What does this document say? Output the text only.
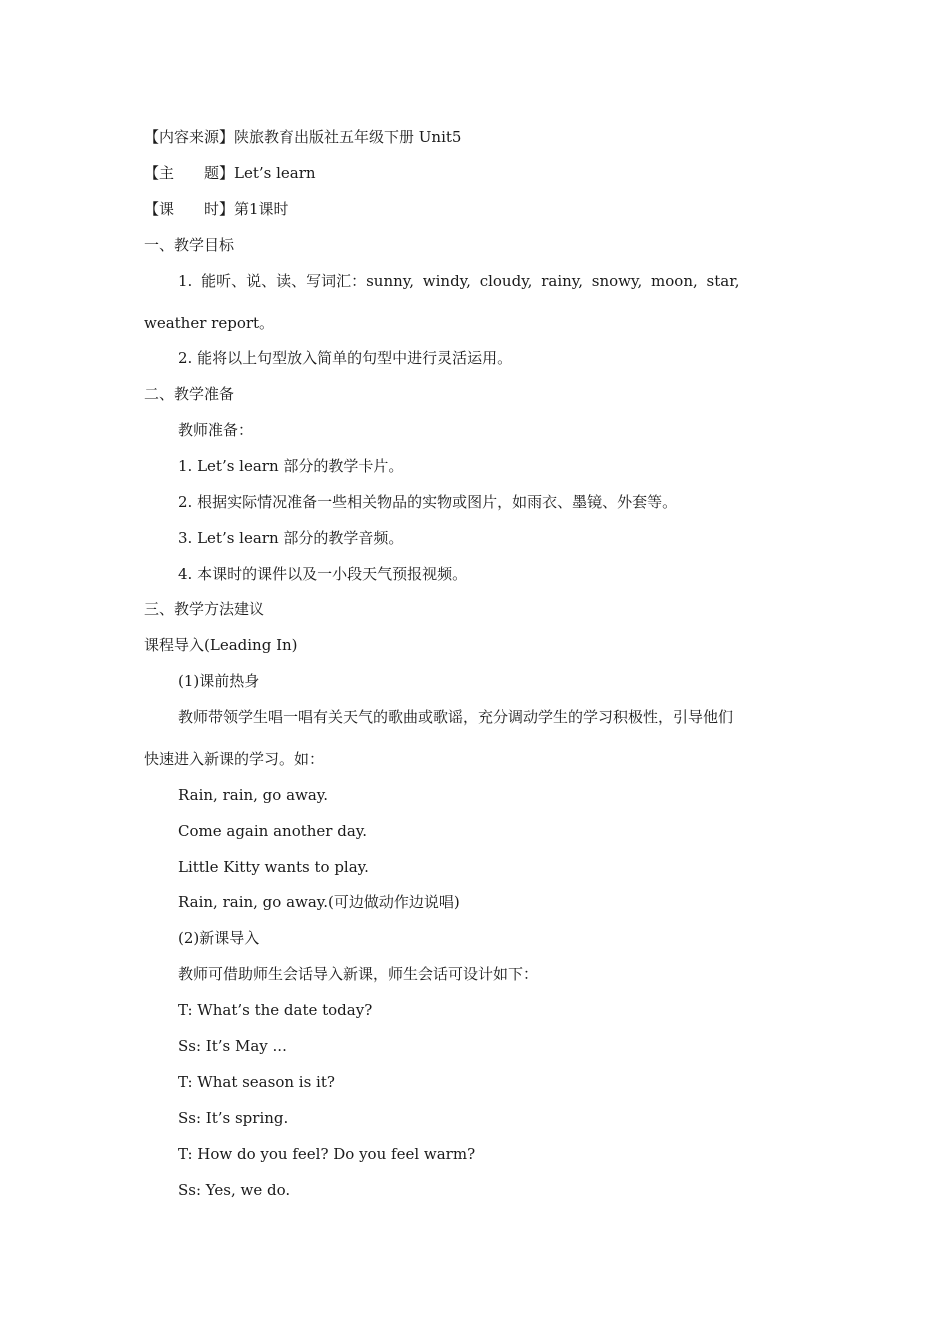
【内容来源】陕旅教育出版社五年级下册 Unit5
【主　　题】Let’s learn
【课　　时】第1课时
一、教学目标
1. 能听、说、读、写词汇：sunny, windy, cloudy, rainy, snowy, moon, star,
weather report。
2. 能将以上句型放入简单的句型中进行灵活运用。
二、教学准备
教师准备：
1. Let’s learn 部分的教学卡片。
2. 根据实际情况准备一些相关物品的实物或图片，如雨衣、墨镜、外套等。
3. Let’s learn 部分的教学音频。
4. 本课时的课件以及一小段天气预报视频。
三、教学方法建议
课程导入(Leading In)
(1)课前热身
教师带领学生唱一唱有关天气的歌曲或歌谣，充分调动学生的学习积极性，引导他们
快速进入新课的学习。如：
Rain, rain, go away.
Come again another day.
Little Kitty wants to play.
Rain, rain, go away.(可边做动作边说唱)
(2)新课导入
教师可借助师生会话导入新课，师生会话可设计如下：
T: What’s the date today?
Ss: It’s May ...
T: What season is it?
Ss: It’s spring.
T: How do you feel? Do you feel warm?
Ss: Yes, we do.
